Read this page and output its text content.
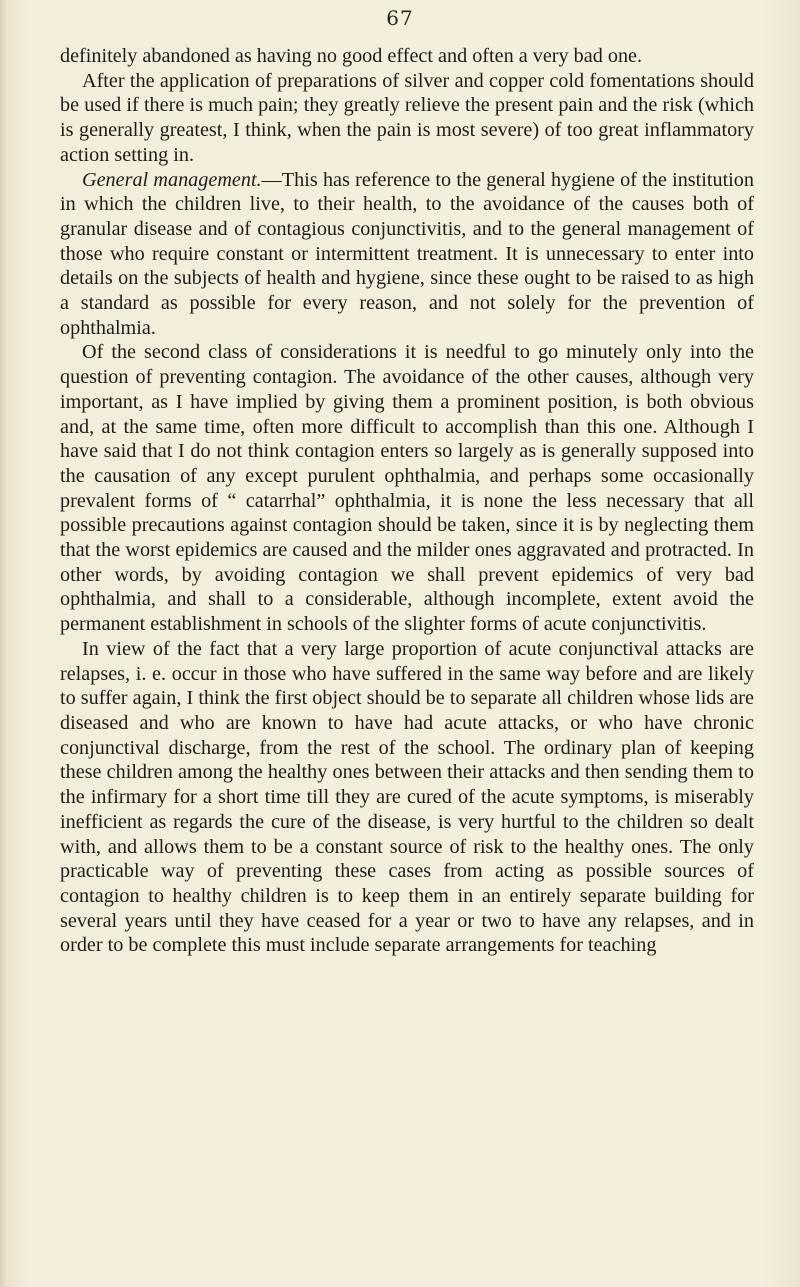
67

definitely abandoned as having no good effect and often a very bad one.

After the application of preparations of silver and copper cold fomentations should be used if there is much pain; they greatly relieve the present pain and the risk (which is generally greatest, I think, when the pain is most severe) of too great inflammatory action setting in.

General management.—This has reference to the general hygiene of the institution in which the children live, to their health, to the avoidance of the causes both of granular disease and of contagious conjunctivitis, and to the general management of those who require constant or intermittent treatment. It is unnecessary to enter into details on the subjects of health and hygiene, since these ought to be raised to as high a standard as possible for every reason, and not solely for the prevention of ophthalmia.

Of the second class of considerations it is needful to go minutely only into the question of preventing contagion. The avoidance of the other causes, although very important, as I have implied by giving them a prominent position, is both obvious and, at the same time, often more difficult to accomplish than this one. Although I have said that I do not think contagion enters so largely as is generally supposed into the causation of any except purulent ophthalmia, and perhaps some occasionally prevalent forms of “ catarrhal” ophthalmia, it is none the less necessary that all possible precautions against contagion should be taken, since it is by neglecting them that the worst epidemics are caused and the milder ones aggravated and protracted. In other words, by avoiding contagion we shall prevent epidemics of very bad ophthalmia, and shall to a considerable, although incomplete, extent avoid the permanent establishment in schools of the slighter forms of acute conjunctivitis.

In view of the fact that a very large proportion of acute conjunctival attacks are relapses, i. e. occur in those who have suffered in the same way before and are likely to suffer again, I think the first object should be to separate all children whose lids are diseased and who are known to have had acute attacks, or who have chronic conjunctival discharge, from the rest of the school. The ordinary plan of keeping these children among the healthy ones between their attacks and then sending them to the infirmary for a short time till they are cured of the acute symptoms, is miserably inefficient as regards the cure of the disease, is very hurtful to the children so dealt with, and allows them to be a constant source of risk to the healthy ones. The only practicable way of preventing these cases from acting as possible sources of contagion to healthy children is to keep them in an entirely separate building for several years until they have ceased for a year or two to have any relapses, and in order to be complete this must include separate arrangements for teaching
